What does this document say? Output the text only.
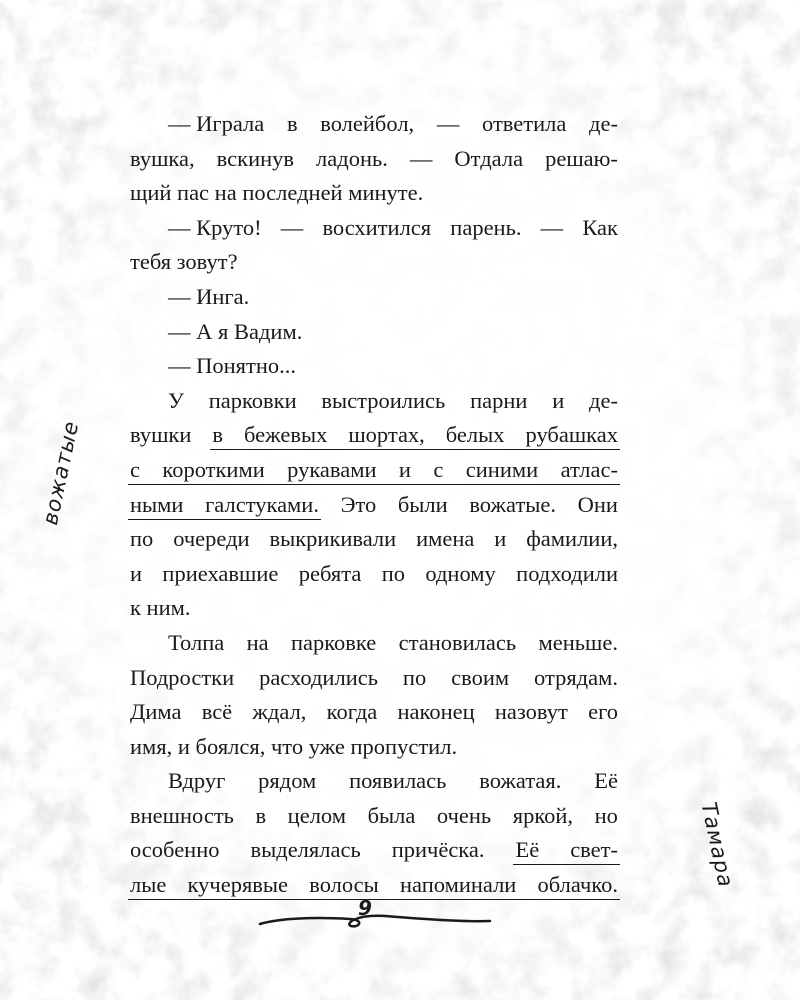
— Играла в волейбол, — ответила де-
вушка, вскинув ладонь. — Отдала решаю-
щий пас на последней минуте.
— Круто! — восхитился парень. — Как
тебя зовут?
— Инга.
— А я Вадим.
— Понятно...
У парковки выстроились парни и де-
вушки в бежевых шортах, белых рубашках
с короткими рукавами и с синими атлас-
ными галстуками. Это были вожатые. Они
по очереди выкрикивали имена и фамилии,
и приехавшие ребята по одному подходили
к ним.
Толпа на парковке становилась меньше.
Подростки расходились по своим отрядам.
Дима всё ждал, когда наконец назовут его
имя, и боялся, что уже пропустил.
Вдруг рядом появилась вожатая. Её
внешность в целом была очень яркой, но
особенно выделялась причёска. Её свет-
лые кучерявые волосы напоминали облачко.
вожатые
Тамара
9
